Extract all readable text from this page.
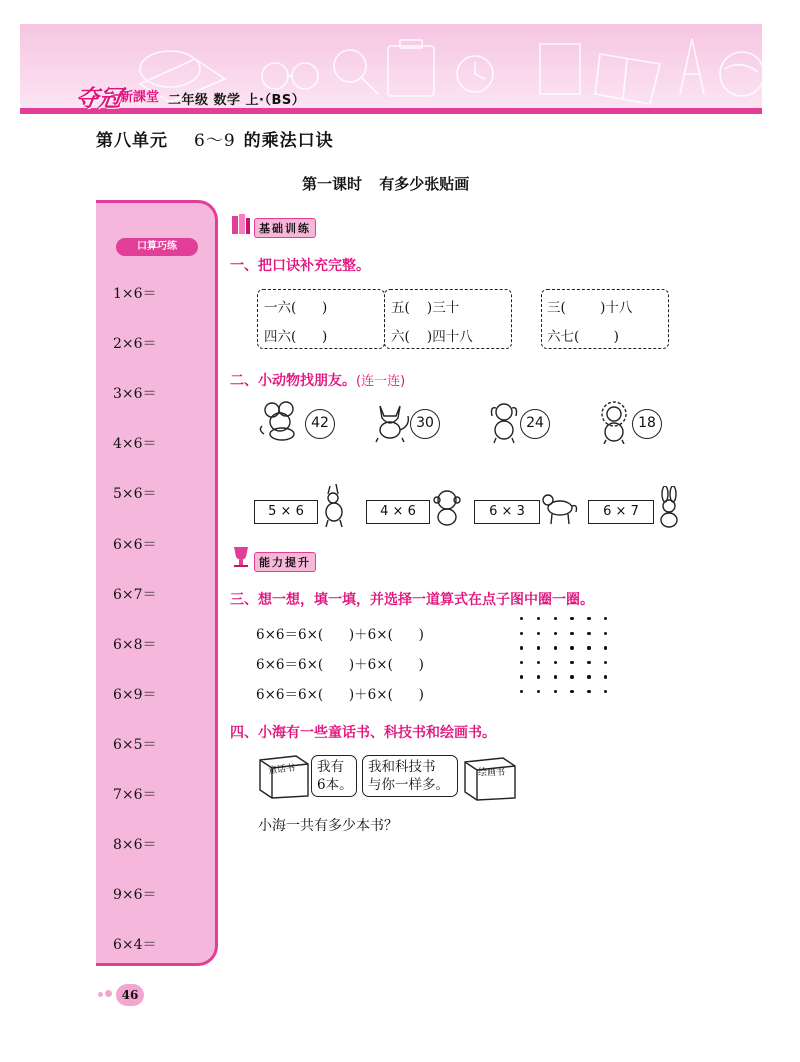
夺冠
新課堂 二年级 数学 上·（BS）
第八单元 6～9 的乘法口诀
第一课时 有多少张贴画
口算巧练
1×6＝
2×6＝
3×6＝
4×6＝
5×6＝
6×6＝
6×7＝
6×8＝
6×9＝
6×5＝
7×6＝
8×6＝
9×6＝
6×4＝
基础训练
一、把口诀补充完整。
一六(      )
四六(      )
五(    )三十
六(    )四十八
三(        )十八
六七(        )
二、小动物找朋友。(连一连)
42	30	24	18
5 × 6	4 × 6	6 × 3	6 × 7
能力提升
三、想一想，填一填，并选择一道算式在点子图中圈一圈。
6×6＝6×(      )＋6×(      )
6×6＝6×(      )＋6×(      )
6×6＝6×(      )＋6×(      )
四、小海有一些童话书、科技书和绘画书。
童话书	我有
6本。
我和科技书
与你一样多。
绘画书
小海一共有多少本书？
46
